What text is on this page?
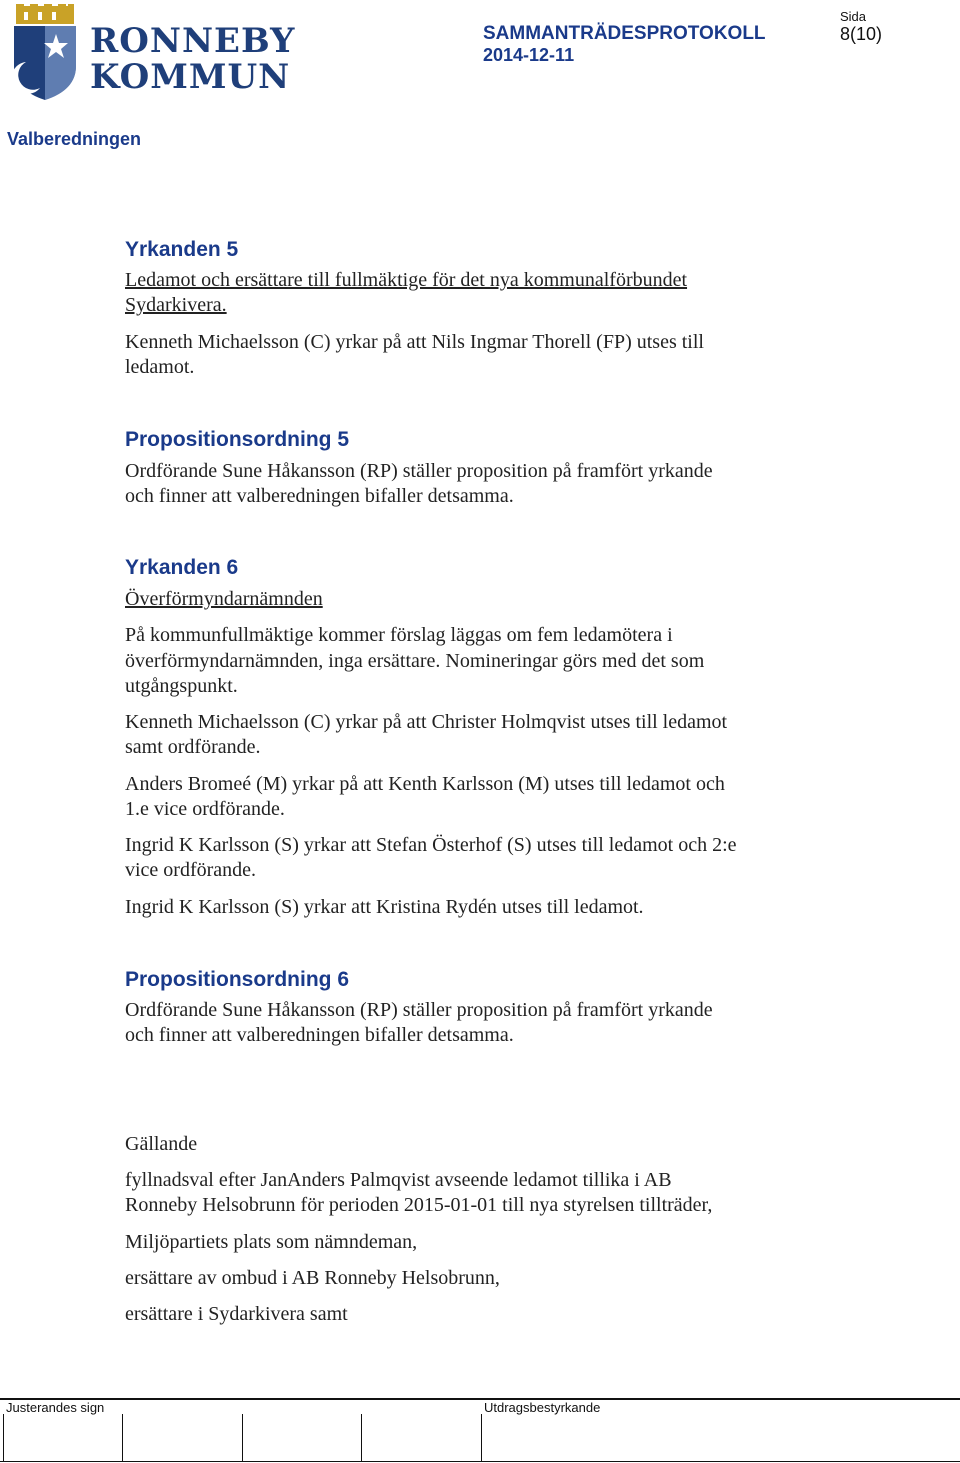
RONNEBY
KOMMUN
SAMMANTRÄDESPROTOKOLL
2014-12-11
Sida
8(10)
Valberedningen
Yrkanden 5

Ledamot och ersättare till fullmäktige för det nya kommunalförbundet

Sydarkivera.

Kenneth Michaelsson (C) yrkar på att Nils Ingmar Thorell (FP) utses till

ledamot.

Propositionsordning 5

Ordförande Sune Håkansson (RP) ställer proposition på framfört yrkande

och finner att valberedningen bifaller detsamma.

Yrkanden 6

Överförmyndarnämnden

På kommunfullmäktige kommer förslag läggas om fem ledamötera i

överförmyndarnämnden, inga ersättare. Nomineringar görs med det som

utgångspunkt.

Kenneth Michaelsson (C) yrkar på att Christer Holmqvist utses till ledamot

samt ordförande.

Anders Bromeé (M) yrkar på att Kenth Karlsson (M) utses till ledamot och

1.e vice ordförande.

Ingrid K Karlsson (S) yrkar att Stefan Österhof (S) utses till ledamot och 2:e

vice ordförande.

Ingrid K Karlsson (S) yrkar att Kristina Rydén utses till ledamot.

Propositionsordning 6

Ordförande Sune Håkansson (RP) ställer proposition på framfört yrkande

och finner att valberedningen bifaller detsamma.

Gällande

fyllnadsval efter JanAnders Palmqvist avseende ledamot tillika i AB

Ronneby Helsobrunn för perioden 2015-01-01 till nya styrelsen tillträder,

Miljöpartiets plats som nämndeman,

ersättare av ombud i AB Ronneby Helsobrunn,

ersättare i Sydarkivera samt

Justerandes sign	Utdragsbestyrkande
